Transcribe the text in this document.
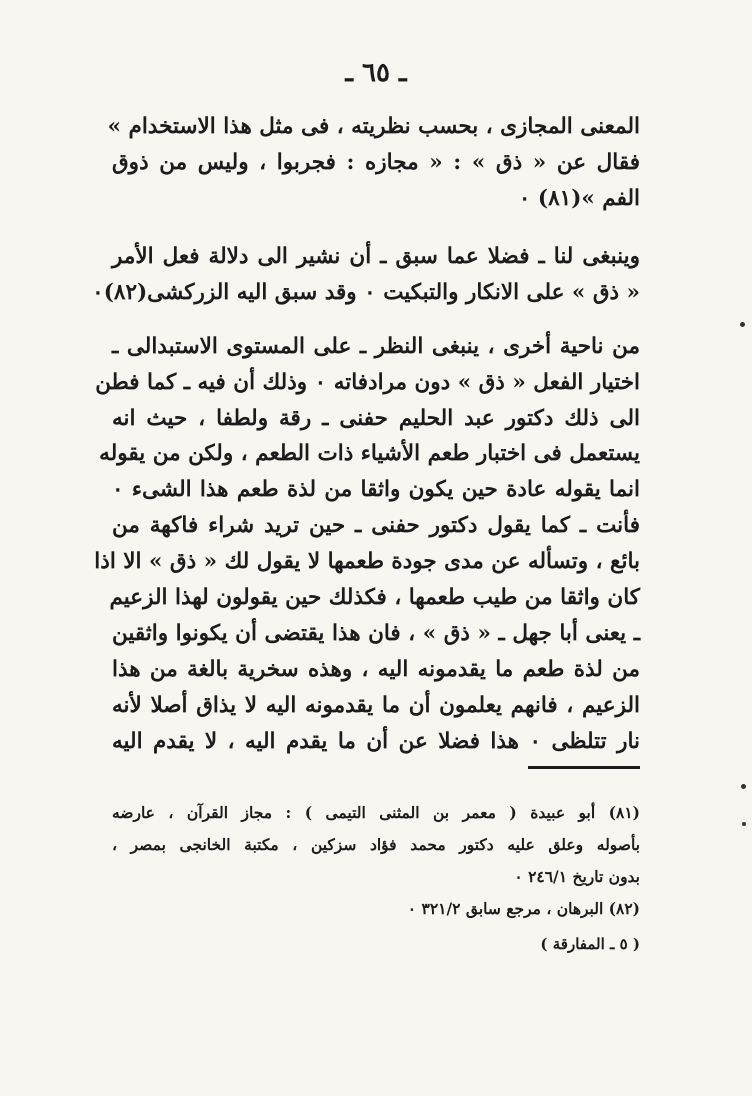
ـ ٦٥ ـ
المعنى المجازى ، بحسب نظريته ، فى مثل هذا الاستخدام »
فقال عن « ذق » : « مجازه : فجربوا ، وليس من ذوق
الفم »(٨١) ٠
وينبغى لنا ـ فضلا عما سبق ـ أن نشير الى دلالة فعل الأمر
« ذق » على الانكار والتبكيت ٠ وقد سبق اليه الزركشى(٨٢)٠
من ناحية أخرى ، ينبغى النظر ـ على المستوى الاستبدالى ـ
اختيار الفعل « ذق » دون مرادفاته ٠ وذلك أن فيه ـ كما فطن
الى ذلك دكتور عبد الحليم حفنى ـ رقة ولطفا ، حيث انه
يستعمل فى اختبار طعم الأشياء ذات الطعم ، ولكن من يقوله
انما يقوله عادة حين يكون واثقا من لذة طعم هذا الشىء ٠
فأنت ـ كما يقول دكتور حفنى ـ حين تريد شراء فاكهة من
بائع ، وتسأله عن مدى جودة طعمها لا يقول لك « ذق » الا اذا
كان واثقا من طيب طعمها ، فكذلك حين يقولون لهذا الزعيم
ـ يعنى أبا جهل ـ « ذق » ، فان هذا يقتضى أن يكونوا واثقين
من لذة طعم ما يقدمونه اليه ، وهذه سخرية بالغة من هذا
الزعيم ، فانهم يعلمون أن ما يقدمونه اليه لا يذاق أصلا لأنه
نار تتلظى ٠ هذا فضلا عن أن ما يقدم اليه ، لا يقدم اليه
(٨١) أبو عبيدة ( معمر بن المثنى التيمى ) : مجاز القرآن ، عارضه
بأصوله وعلق عليه دكتور محمد فؤاد سزكين ، مكتبة الخانجى بمصر ،
بدون تاريخ ٢٤٦/١ ٠
(٨٢) البرهان ، مرجع سابق ٣٢١/٢ ٠
( ٥ ـ المفارقة )
